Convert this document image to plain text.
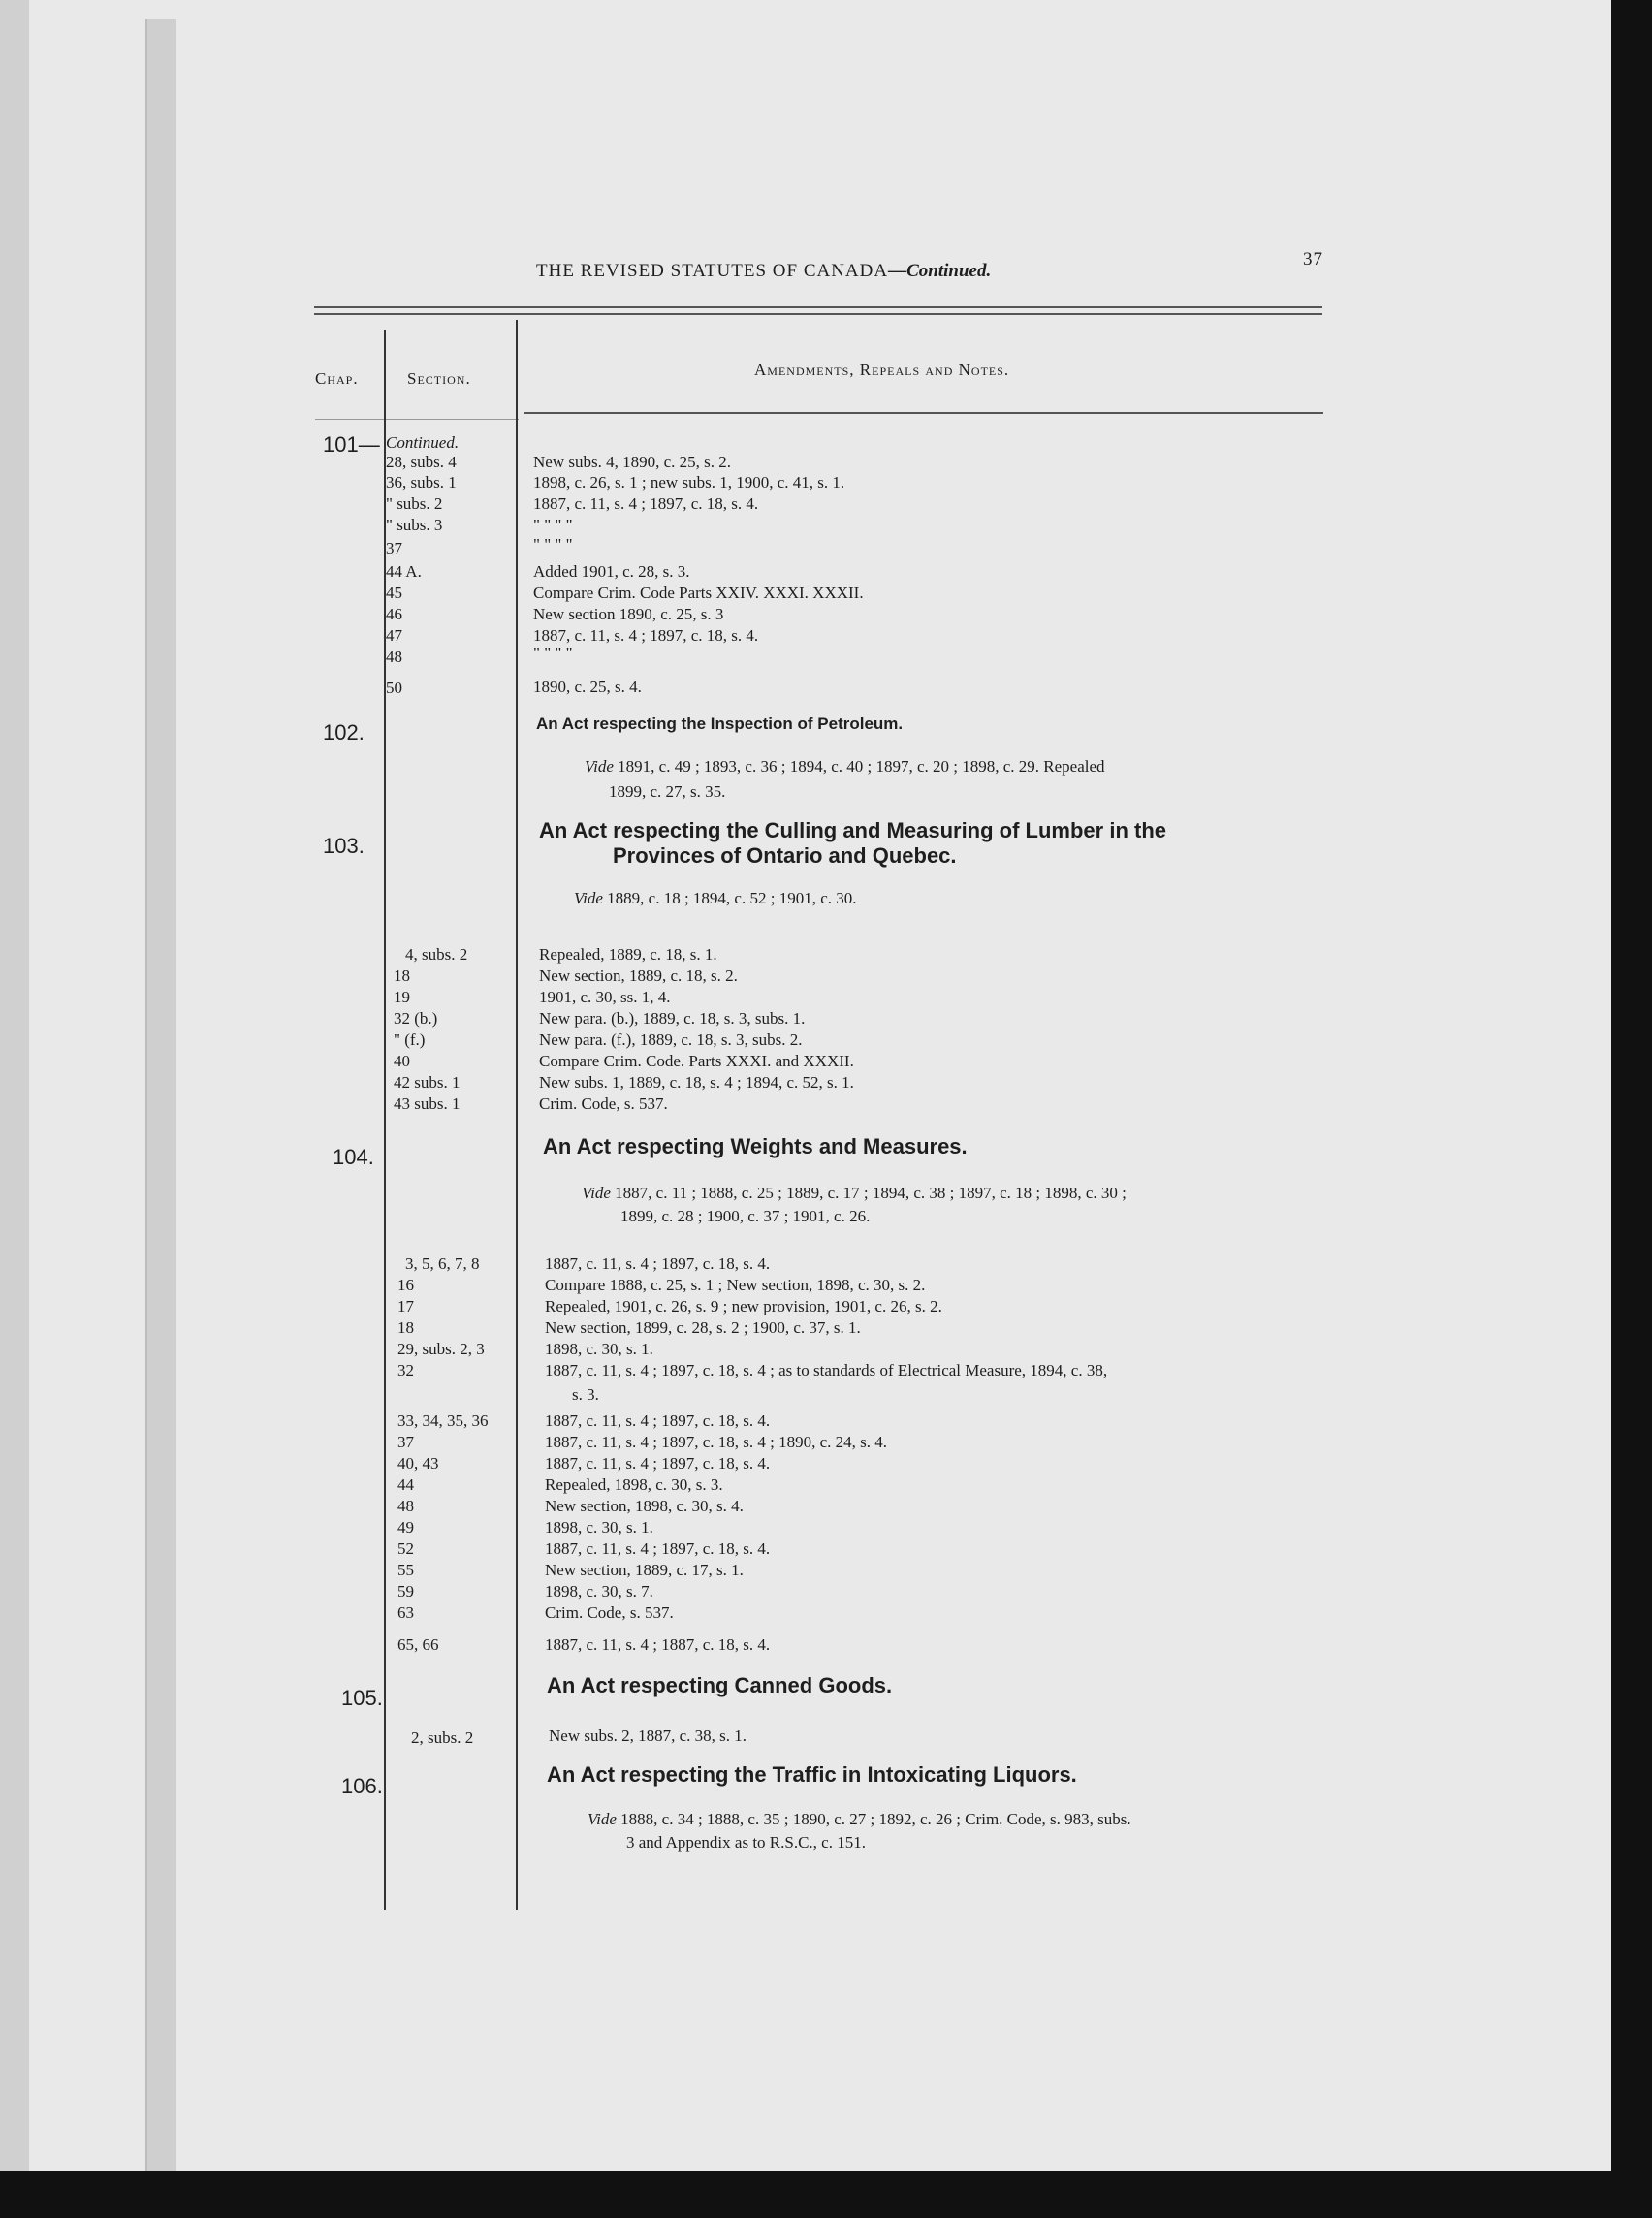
THE REVISED STATUTES OF CANADA—Continued.
37
Chap.	Section.	Amendments, Repeals and Notes.
101— Continued.
28, subs. 4	New subs. 4, 1890, c. 25, s. 2.
36, subs. 1	1898, c. 26, s. 1 ; new subs. 1, 1900, c. 41, s. 1.
" subs. 2	1887, c. 11, s. 4 ; 1897, c. 18, s. 4.
" subs. 3	" " " "
37	" " " "
44 A.	Added 1901, c. 28, s. 3.
45	Compare Crim. Code Parts XXIV. XXXI. XXXII.
46	New section 1890, c. 25, s. 3
47	1887, c. 11, s. 4 ; 1897, c. 18, s. 4.
48	" " " "
50	1890, c. 25, s. 4.
102.	An Act respecting the Inspection of Petroleum.
Vide 1891, c. 49 ; 1893, c. 36 ; 1894, c. 40 ; 1897, c. 20 ; 1898, c. 29. Repealed
1899, c. 27, s. 35.
103.
An Act respecting the Culling and Measuring of Lumber in the
Provinces of Ontario and Quebec.
Vide 1889, c. 18 ; 1894, c. 52 ; 1901, c. 30.
4, subs. 2	Repealed, 1889, c. 18, s. 1.
18	New section, 1889, c. 18, s. 2.
19	1901, c. 30, ss. 1, 4.
32 (b.)	New para. (b.), 1889, c. 18, s. 3, subs. 1.
" (f.)	New para. (f.), 1889, c. 18, s. 3, subs. 2.
40	Compare Crim. Code. Parts XXXI. and XXXII.
42 subs. 1	New subs. 1, 1889, c. 18, s. 4 ; 1894, c. 52, s. 1.
43 subs. 1	Crim. Code, s. 537.
104.	An Act respecting Weights and Measures.
Vide 1887, c. 11 ; 1888, c. 25 ; 1889, c. 17 ; 1894, c. 38 ; 1897, c. 18 ; 1898, c. 30 ;
1899, c. 28 ; 1900, c. 37 ; 1901, c. 26.
3, 5, 6, 7, 8	1887, c. 11, s. 4 ; 1897, c. 18, s. 4.
16	Compare 1888, c. 25, s. 1 ; New section, 1898, c. 30, s. 2.
17	Repealed, 1901, c. 26, s. 9 ; new provision, 1901, c. 26, s. 2.
18	New section, 1899, c. 28, s. 2 ; 1900, c. 37, s. 1.
29, subs. 2, 3	1898, c. 30, s. 1.
32	1887, c. 11, s. 4 ; 1897, c. 18, s. 4 ; as to standards of Electrical Measure, 1894, c. 38,
s. 3.
33, 34, 35, 36	1887, c. 11, s. 4 ; 1897, c. 18, s. 4.
37	1887, c. 11, s. 4 ; 1897, c. 18, s. 4 ; 1890, c. 24, s. 4.
40, 43	1887, c. 11, s. 4 ; 1897, c. 18, s. 4.
44	Repealed, 1898, c. 30, s. 3.
48	New section, 1898, c. 30, s. 4.
49	1898, c. 30, s. 1.
52	1887, c. 11, s. 4 ; 1897, c. 18, s. 4.
55	New section, 1889, c. 17, s. 1.
59	1898, c. 30, s. 7.
63	Crim. Code, s. 537.
65, 66	1887, c. 11, s. 4 ; 1887, c. 18, s. 4.
105.
An Act respecting Canned Goods.
2, subs. 2	New subs. 2, 1887, c. 38, s. 1.
106.	An Act respecting the Traffic in Intoxicating Liquors.
Vide 1888, c. 34 ; 1888, c. 35 ; 1890, c. 27 ; 1892, c. 26 ; Crim. Code, s. 983, subs.
3 and Appendix as to R.S.C., c. 151.
